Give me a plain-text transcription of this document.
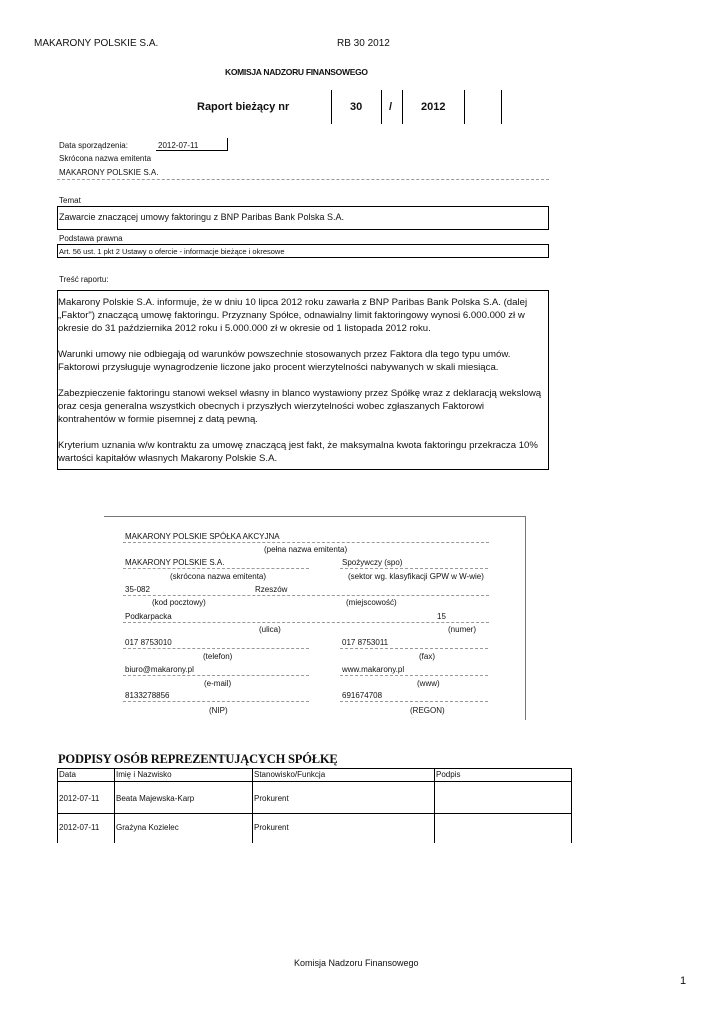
MAKARONY POLSKIE S.A.	RB 30 2012
KOMISJA NADZORU FINANSOWEGO
Raport bieżący nr	30 /	2012
Data sporządzenia:	2012-07-11
Skrócona nazwa emitenta
MAKARONY POLSKIE S.A.
Temat
Zawarcie znaczącej umowy faktoringu z BNP Paribas Bank Polska S.A.
Podstawa prawna
Art. 56 ust. 1 pkt 2 Ustawy o ofercie - informacje bieżące i okresowe
Treść raportu:

Makarony Polskie S.A. informuje, że w dniu 10 lipca 2012 roku zawarła z BNP Paribas Bank Polska S.A. (dalej „Faktor") znaczącą umowę faktoringu. Przyznany Spółce, odnawialny limit faktoringowy wynosi 6.000.000 zł w okresie do 31 października 2012 roku i 5.000.000 zł w okresie od 1 listopada 2012 roku.

Warunki umowy nie odbiegają od warunków powszechnie stosowanych przez Faktora dla tego typu umów. Faktorowi przysługuje wynagrodzenie liczone jako procent wierzytelności nabywanych w skali miesiąca.

Zabezpieczenie faktoringu stanowi weksel własny in blanco wystawiony przez Spółkę wraz z deklaracją wekslową oraz cesja generalna wszystkich obecnych i przyszłych wierzytelności wobec zgłaszanych Faktorowi kontrahentów w formie pisemnej z datą pewną.

Kryterium uznania w/w kontraktu za umowę znaczącą jest fakt, że maksymalna kwota faktoringu przekracza 10% wartości kapitałów własnych Makarony Polskie S.A.

MAKARONY POLSKIE SPÓŁKA AKCYJNA
(pełna nazwa emitenta)
MAKARONY POLSKIE S.A.	Spożywczy (spo)
(skrócona nazwa emitenta)	(sektor wg. klasyfikacji GPW w W-wie)
35-082	Rzeszów
(kod pocztowy)	(miejscowość)
Podkarpacka	15
(ulica)	(numer)
017 8753010	017 8753011
(telefon)	(fax)
biuro@makarony.pl	www.makarony.pl
(e-mail)	(www)
8133278856	691674708
(NIP)	(REGON)
PODPISY OSÓB REPREZENTUJĄCYCH SPÓŁKĘ
Data	Imię i Nazwisko	Stanowisko/Funkcja	Podpis
2012-07-11 Beata Majewska-Karp	Prokurent
2012-07-11 Grażyna Kozielec	Prokurent
Komisja Nadzoru Finansowego
1
